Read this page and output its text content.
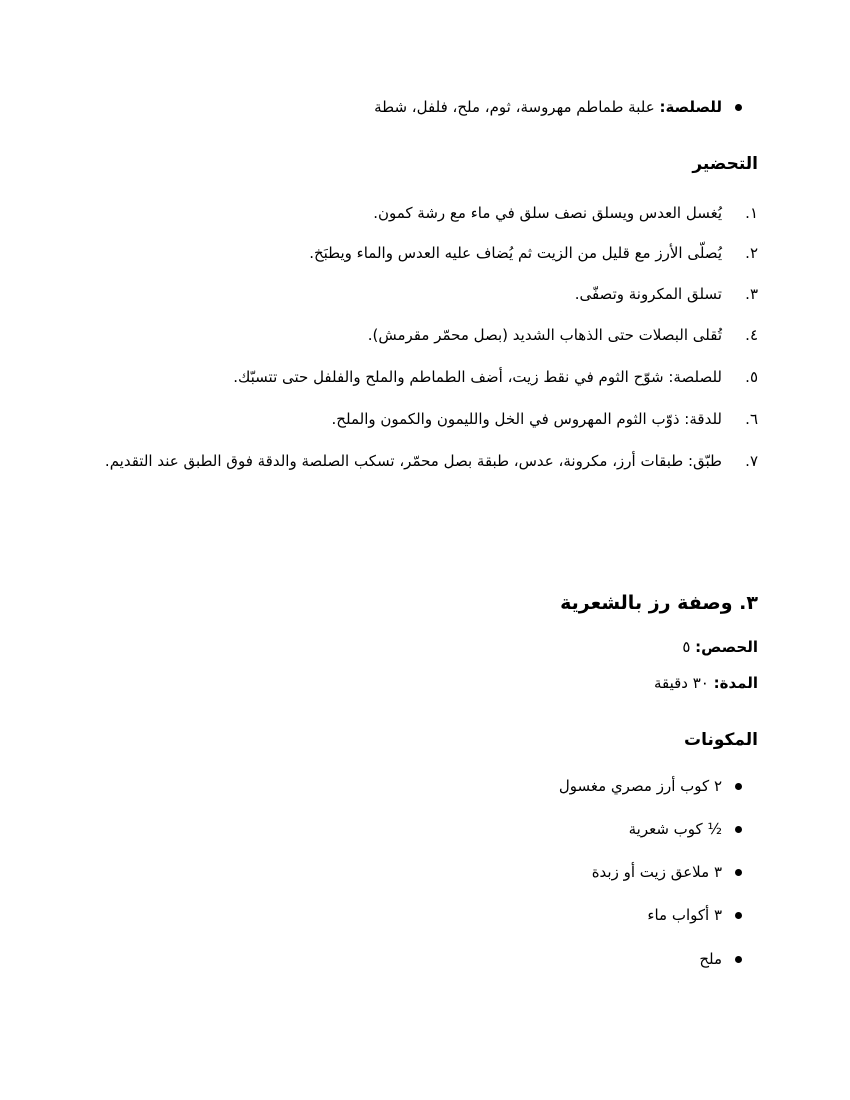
للصلصة: علبة طماطم مهروسة، ثوم، ملح، فلفل، شطة
التحضير
١.
يُغسل العدس ويسلق نصف سلق في ماء مع رشة كمون.
٢.
يُصلّى الأرز مع قليل من الزيت ثم يُضاف عليه العدس والماء ويطبَخ.
٣.
تسلق المكرونة وتصفّى.
٤.
تُقلى البصلات حتى الذهاب الشديد (بصل محمّر مقرمش).
٥.
للصلصة: شوّح الثوم في نقط زيت، أضف الطماطم والملح والفلفل حتى تتسبّك.
٦.
للدقة: ذوّب الثوم المهروس في الخل والليمون والكمون والملح.
٧.
طبّق: طبقات أرز، مكرونة، عدس، طبقة بصل محمّر، تسكب الصلصة والدقة فوق الطبق عند التقديم.
٣. وصفة رز بالشعرية
الحصص: ٥
المدة: ٣٠ دقيقة
المكونات
٢ كوب أرز مصري مغسول
½ كوب شعرية
٣ ملاعق زيت أو زبدة
٣ أكواب ماء
ملح
